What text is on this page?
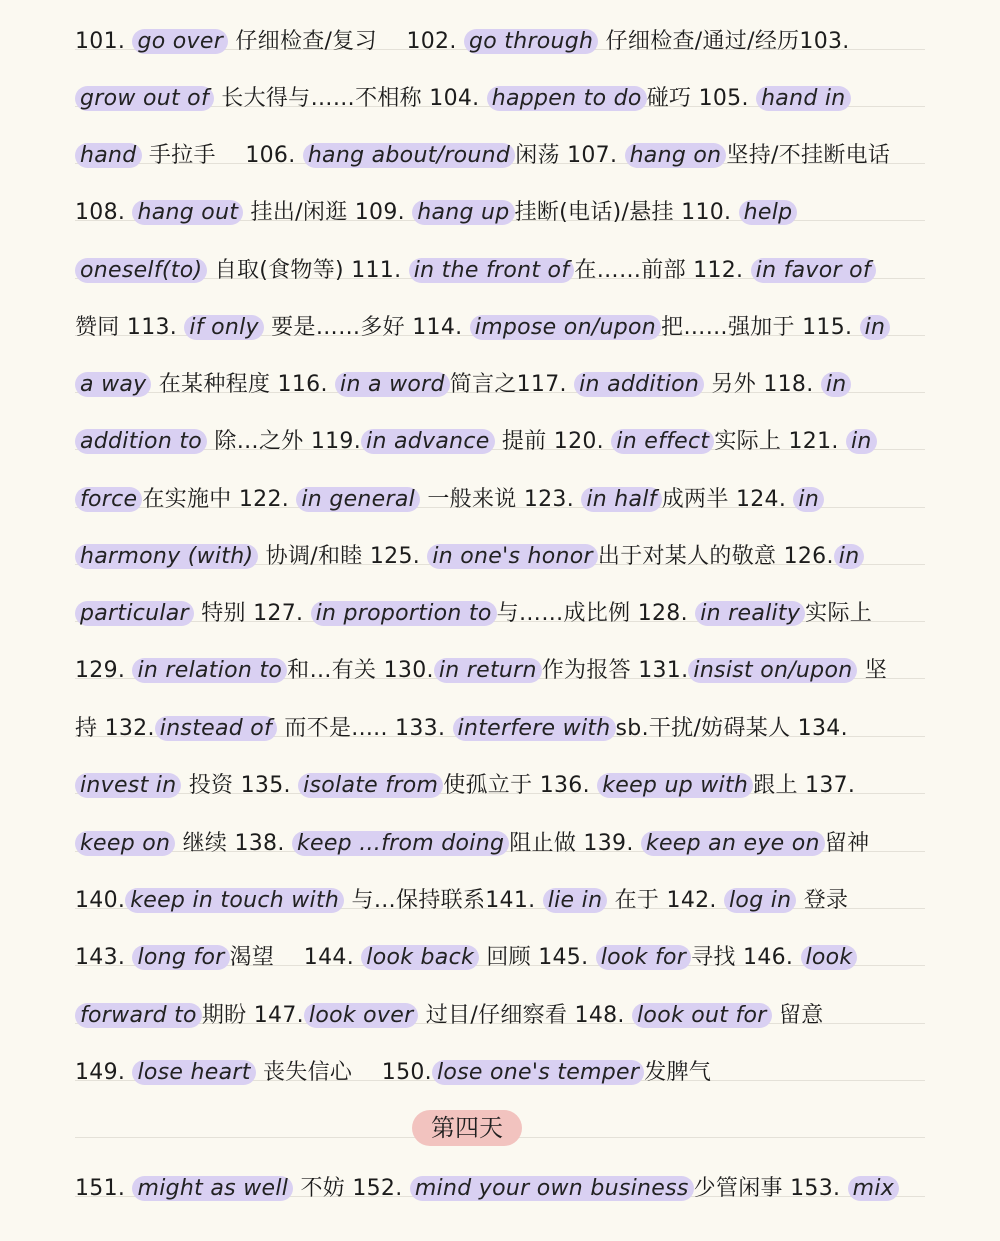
101. go over 仔细检查/复习　 102. go through 仔细检查/通过/经历103.
grow out of 长大得与……不相称 104. happen to do 碰巧 105. hand in
hand 手拉手　 106. hang about/round 闲荡 107. hang on 坚持/不挂断电话
108. hang out 挂出/闲逛 109. hang up 挂断(电话)/悬挂 110. help
oneself(to) 自取(食物等) 111. in the front of 在……前部 112. in favor of
赞同 113. if only 要是……多好 114. impose on/upon 把……强加于 115. in
a way 在某种程度 116. in a word 简言之117. in addition 另外 118. in
addition to 除…之外 119. in advance 提前 120. in effect 实际上 121. in
force 在实施中 122. in general 一般来说 123. in half 成两半 124. in
harmony (with) 协调/和睦 125. in one's honor 出于对某人的敬意 126. in
particular 特别 127. in proportion to 与……成比例 128. in reality 实际上
129. in relation to 和…有关 130. in return 作为报答 131. insist on/upon 坚
持 132. instead of 而不是..... 133. interfere with sb.干扰/妨碍某人 134.
invest in 投资 135. isolate from 使孤立于 136. keep up with 跟上 137.
keep on 继续 138. keep ...from doing 阻止做 139. keep an eye on 留神
140. keep in touch with 与…保持联系141. lie in 在于 142. log in 登录
143. long for 渴望　 144. look back 回顾 145. look for 寻找 146. look
forward to 期盼 147. look over 过目/仔细察看 148. look out for 留意
149. lose heart 丧失信心　 150. lose one's temper 发脾气
第四天
151. might as well 不妨 152. mind your own business 少管闲事 153. mix
